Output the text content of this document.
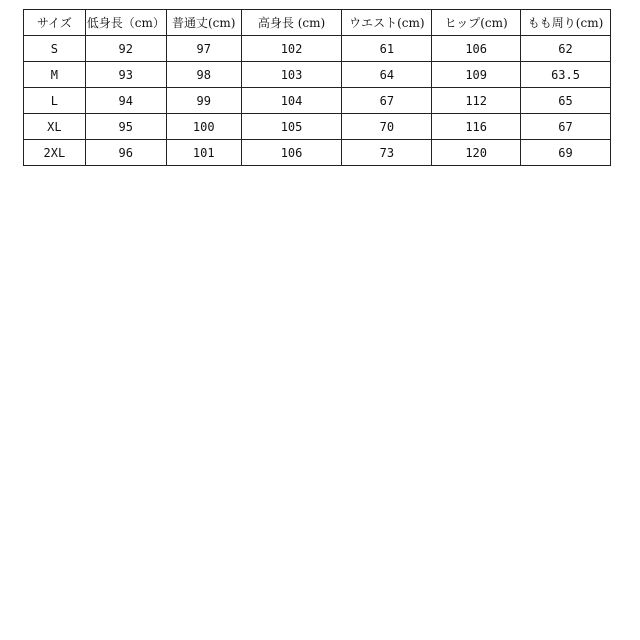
サイズ	低身長（cm）	普通丈(cm)	高身長 (cm)	ウエスト(cm)	ヒップ(cm)	もも周り(cm)
S	92	97	102	61	106	62
M	93	98	103	64	109	63.5
L	94	99	104	67	112	65
XL	95	100	105	70	116	67
2XL	96	101	106	73	120	69
